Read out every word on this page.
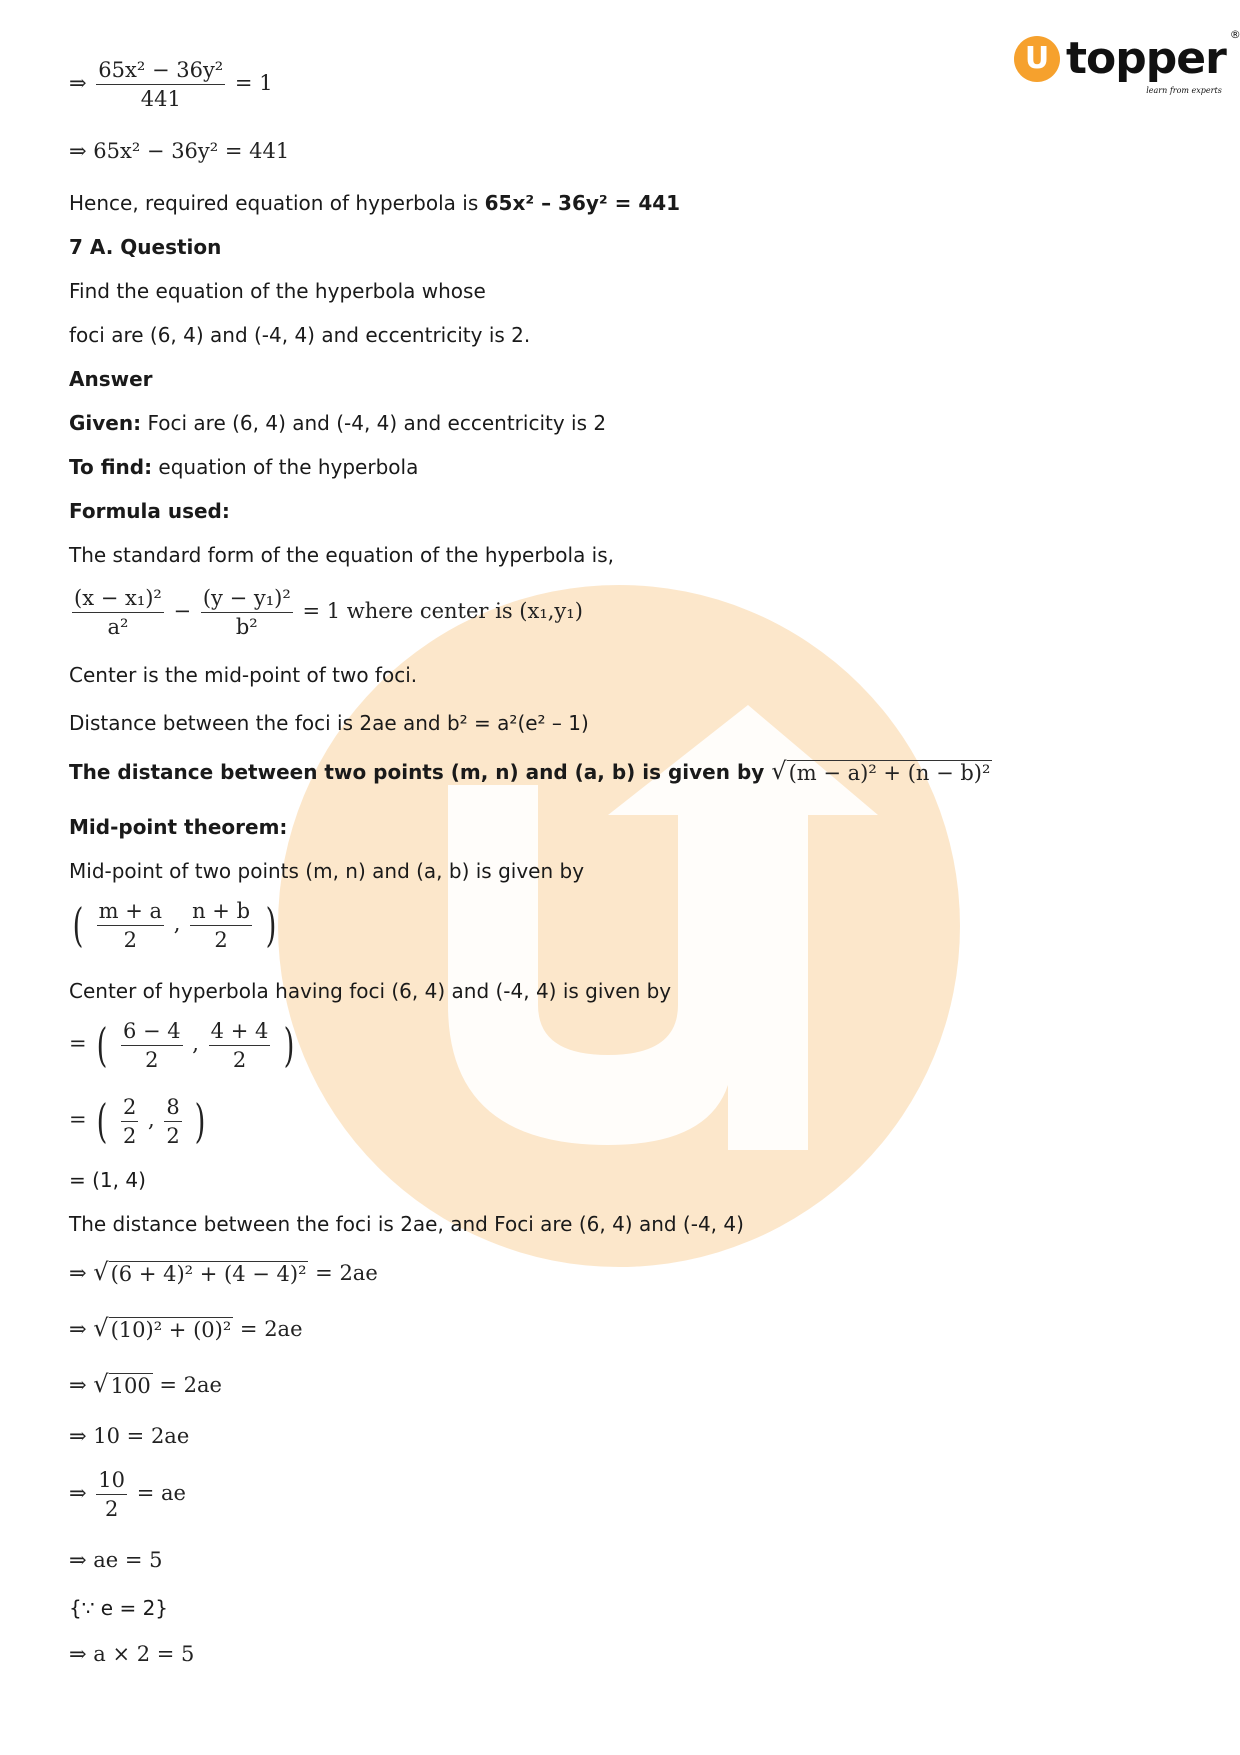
U topper ®
learn from experts
⇒ $\frac{\text{65x² − 36y²}}{441} = 1$
⇒ 65x² − 36y² = 441
Hence, required equation of hyperbola is 65x² – 36y² = 441
7 A. Question
Find the equation of the hyperbola whose
foci are (6, 4) and (-4, 4) and eccentricity is 2.
Answer
Given: Foci are (6, 4) and (-4, 4) and eccentricity is 2
To find: equation of the hyperbola
Formula used:
The standard form of the equation of the hyperbola is,
$\frac{\text{(x − x₁)²}}{\text{a²}} - \frac{\text{(y − y₁)²}}{\text{b²}} = 1$ where center is (x₁,y₁)
Center is the mid-point of two foci.
Distance between the foci is 2ae and b² = a²(e² – 1)
The distance between two points (m, n) and (a, b) is given by √ (m − a)² + (n − b)²
Mid-point theorem:
Mid-point of two points (m, n) and (a, b) is given by
( $\frac{m + a}{2}$ , $\frac{n + b}{2}$ )
Center of hyperbola having foci (6, 4) and (-4, 4) is given by
= ( $\frac{6 - 4}{2}$ , $\frac{4 + 4}{2}$ )
= ( $\frac{2}{2}$ , $\frac{8}{2}$ )
= (1, 4)
The distance between the foci is 2ae, and Foci are (6, 4) and (-4, 4)
⇒ √ (6 + 4)² + (4 − 4)² = 2ae
⇒ √ (10)² + (0)² = 2ae
⇒ √ 100 = 2ae
⇒ 10 = 2ae
⇒ $\frac{10}{2}$ = ae
⇒ ae = 5
{∵ e = 2}
⇒ a × 2 = 5
